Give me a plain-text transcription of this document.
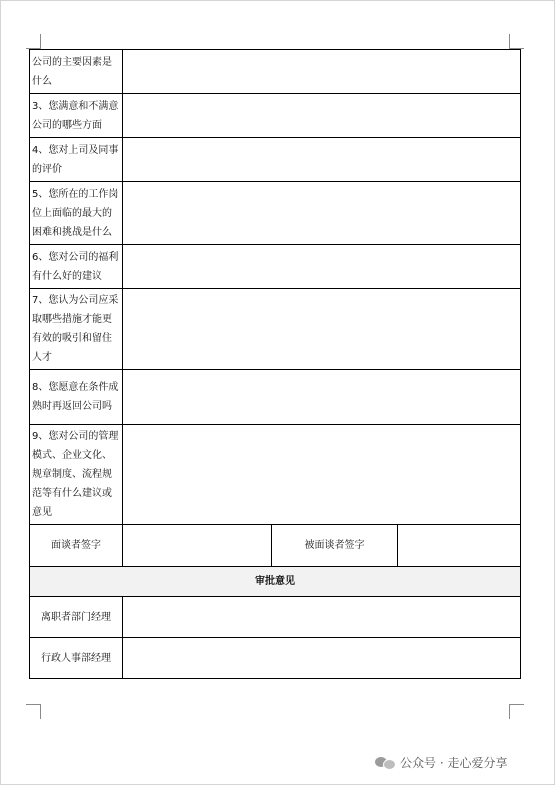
公司的主要因素是什么			
3、您满意和不满意公司的哪些方面			
4、您对上司及同事的评价			
5、您所在的工作岗位上面临的最大的困难和挑战是什么			
6、您对公司的福利有什么好的建议			
7、您认为公司应采取哪些措施才能更有效的吸引和留住人才			
8、您愿意在条件成熟时再返回公司吗			
9、您对公司的管理模式、企业文化、规章制度、流程规范等有什么建议或意见			
面谈者签字		被面谈者签字	
审批意见			
离职者部门经理			
行政人事部经理			
公众号 · 走心爱分享
